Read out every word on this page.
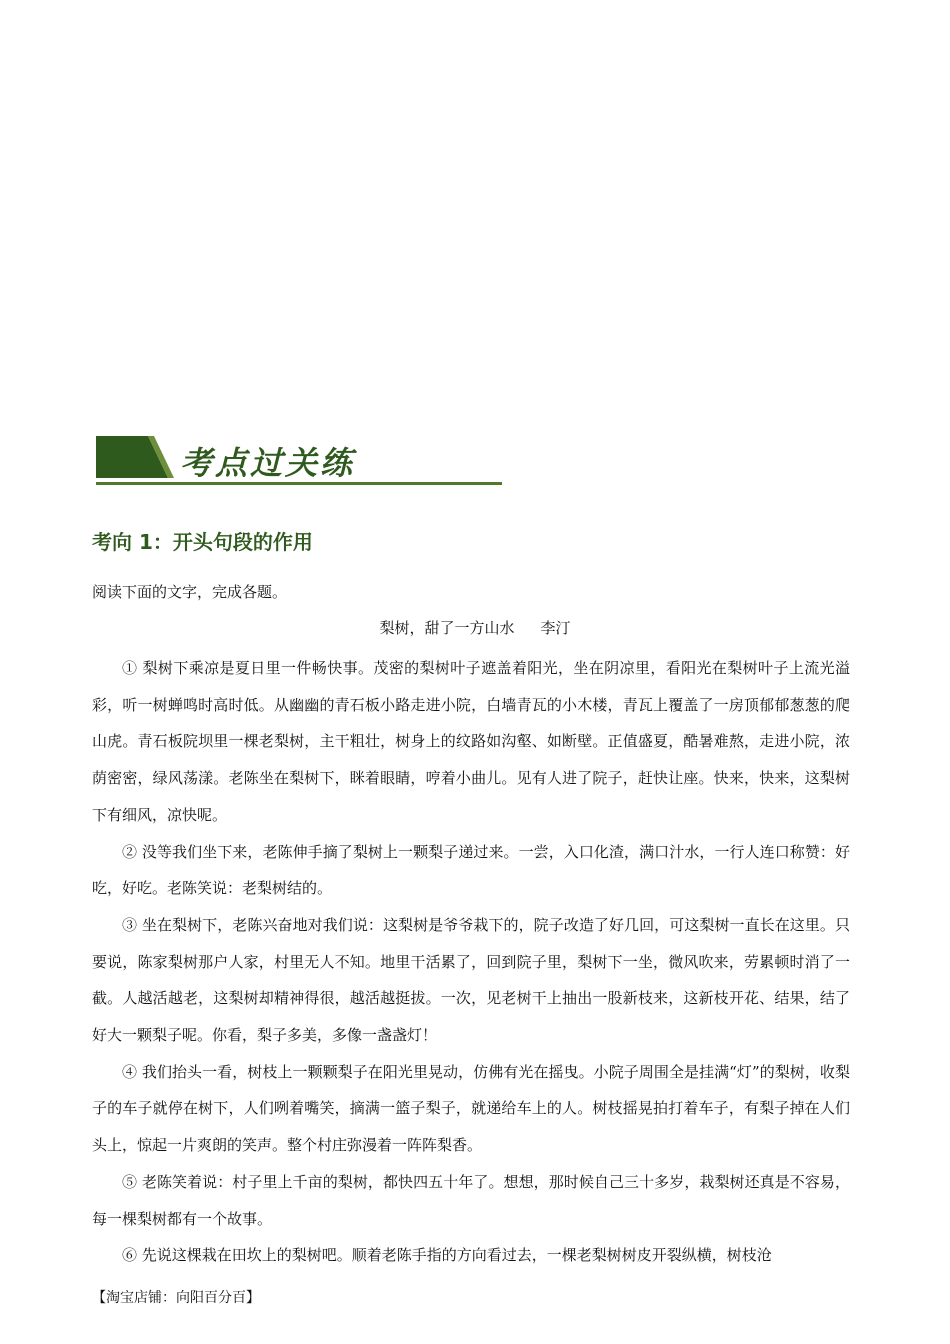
考点过关练
考向 1：开头句段的作用
阅读下面的文字，完成各题。
梨树，甜了一方山水 李汀

① 梨树下乘凉是夏日里一件畅快事。茂密的梨树叶子遮盖着阳光，坐在阴凉里，看阳光在梨树叶子上流光溢彩，听一树蝉鸣时高时低。从幽幽的青石板小路走进小院，白墙青瓦的小木楼，青瓦上覆盖了一房顶郁郁葱葱的爬山虎。青石板院坝里一棵老梨树，主干粗壮，树身上的纹路如沟壑、如断壁。正值盛夏，酷暑难熬，走进小院，浓荫密密，绿风荡漾。老陈坐在梨树下，眯着眼睛，哼着小曲儿。见有人进了院子，赶快让座。快来，快来，这梨树下有细风，凉快呢。

② 没等我们坐下来，老陈伸手摘了梨树上一颗梨子递过来。一尝，入口化渣，满口汁水，一行人连口称赞：好吃，好吃。老陈笑说：老梨树结的。

③ 坐在梨树下，老陈兴奋地对我们说：这梨树是爷爷栽下的，院子改造了好几回，可这梨树一直长在这里。只要说，陈家梨树那户人家，村里无人不知。地里干活累了，回到院子里，梨树下一坐，微风吹来，劳累顿时消了一截。人越活越老，这梨树却精神得很，越活越挺拔。一次，见老树干上抽出一股新枝来，这新枝开花、结果，结了好大一颗梨子呢。你看，梨子多美，多像一盏盏灯！

④ 我们抬头一看，树枝上一颗颗梨子在阳光里晃动，仿佛有光在摇曳。小院子周围全是挂满“灯”的梨树，收梨子的车子就停在树下，人们咧着嘴笑，摘满一篮子梨子，就递给车上的人。树枝摇晃拍打着车子，有梨子掉在人们头上，惊起一片爽朗的笑声。整个村庄弥漫着一阵阵梨香。

⑤ 老陈笑着说：村子里上千亩的梨树，都快四五十年了。想想，那时候自己三十多岁，栽梨树还真是不容易，每一棵梨树都有一个故事。

⑥ 先说这棵栽在田坎上的梨树吧。顺着老陈手指的方向看过去，一棵老梨树树皮开裂纵横，树枝沧

【淘宝店铺：向阳百分百】
